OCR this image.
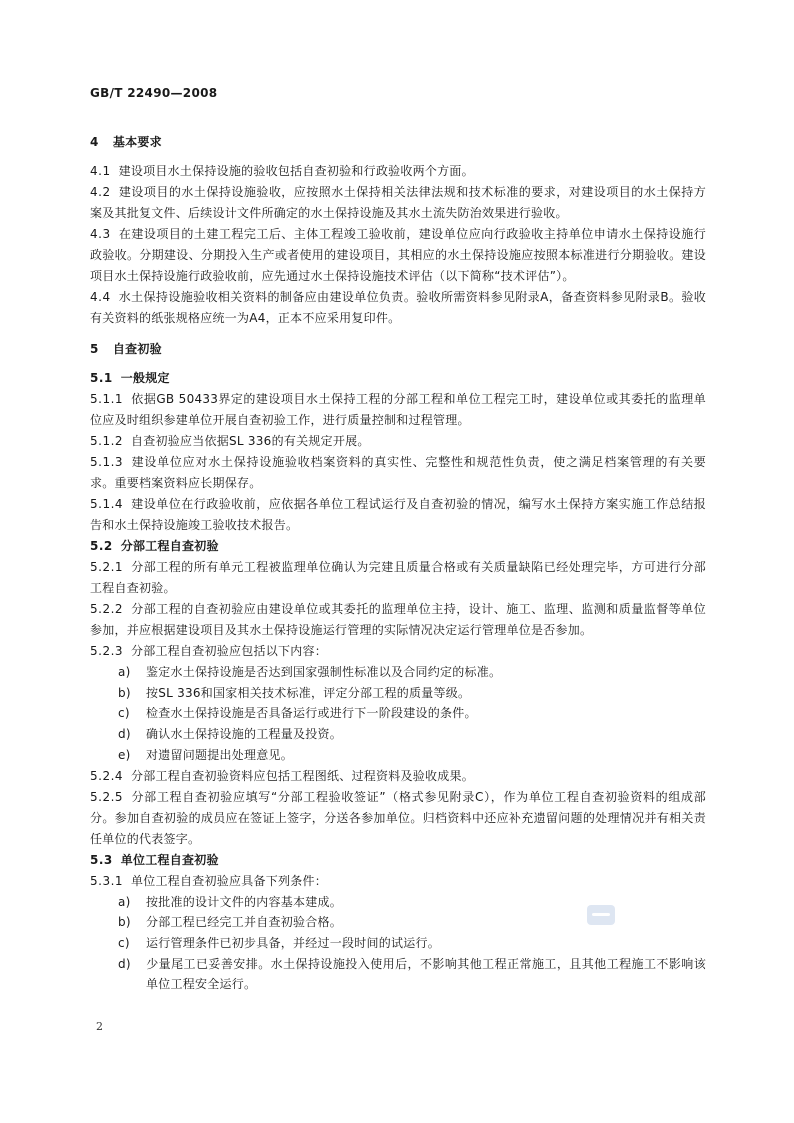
GB/T 22490—2008
4 基本要求
4.1 建设项目水土保持设施的验收包括自查初验和行政验收两个方面。
4.2 建设项目的水土保持设施验收，应按照水土保持相关法律法规和技术标准的要求，对建设项目的水土保持方案及其批复文件、后续设计文件所确定的水土保持设施及其水土流失防治效果进行验收。
4.3 在建设项目的土建工程完工后、主体工程竣工验收前，建设单位应向行政验收主持单位申请水土保持设施行政验收。分期建设、分期投入生产或者使用的建设项目，其相应的水土保持设施应按照本标准进行分期验收。建设项目水土保持设施行政验收前，应先通过水土保持设施技术评估（以下简称“技术评估”）。
4.4 水土保持设施验收相关资料的制备应由建设单位负责。验收所需资料参见附录A，备查资料参见附录B。验收有关资料的纸张规格应统一为A4，正本不应采用复印件。
5 自查初验
5.1 一般规定
5.1.1 依据GB 50433界定的建设项目水土保持工程的分部工程和单位工程完工时，建设单位或其委托的监理单位应及时组织参建单位开展自查初验工作，进行质量控制和过程管理。
5.1.2 自查初验应当依据SL 336的有关规定开展。
5.1.3 建设单位应对水土保持设施验收档案资料的真实性、完整性和规范性负责，使之满足档案管理的有关要求。重要档案资料应长期保存。
5.1.4 建设单位在行政验收前，应依据各单位工程试运行及自查初验的情况，编写水土保持方案实施工作总结报告和水土保持设施竣工验收技术报告。
5.2 分部工程自查初验
5.2.1 分部工程的所有单元工程被监理单位确认为完建且质量合格或有关质量缺陷已经处理完毕，方可进行分部工程自查初验。
5.2.2 分部工程的自查初验应由建设单位或其委托的监理单位主持，设计、施工、监理、监测和质量监督等单位参加，并应根据建设项目及其水土保持设施运行管理的实际情况决定运行管理单位是否参加。
5.2.3 分部工程自查初验应包括以下内容：
a) 鉴定水土保持设施是否达到国家强制性标准以及合同约定的标准。
b) 按SL 336和国家相关技术标准，评定分部工程的质量等级。
c) 检查水土保持设施是否具备运行或进行下一阶段建设的条件。
d) 确认水土保持设施的工程量及投资。
e) 对遗留问题提出处理意见。
5.2.4 分部工程自查初验资料应包括工程图纸、过程资料及验收成果。
5.2.5 分部工程自查初验应填写“分部工程验收签证”（格式参见附录C），作为单位工程自查初验资料的组成部分。参加自查初验的成员应在签证上签字，分送各参加单位。归档资料中还应补充遗留问题的处理情况并有相关责任单位的代表签字。
5.3 单位工程自查初验
5.3.1 单位工程自查初验应具备下列条件：
a) 按批准的设计文件的内容基本建成。
b) 分部工程已经完工并自查初验合格。
c) 运行管理条件已初步具备，并经过一段时间的试运行。
d) 少量尾工已妥善安排。水土保持设施投入使用后，不影响其他工程正常施工，且其他工程施工不影响该单位工程安全运行。
2
